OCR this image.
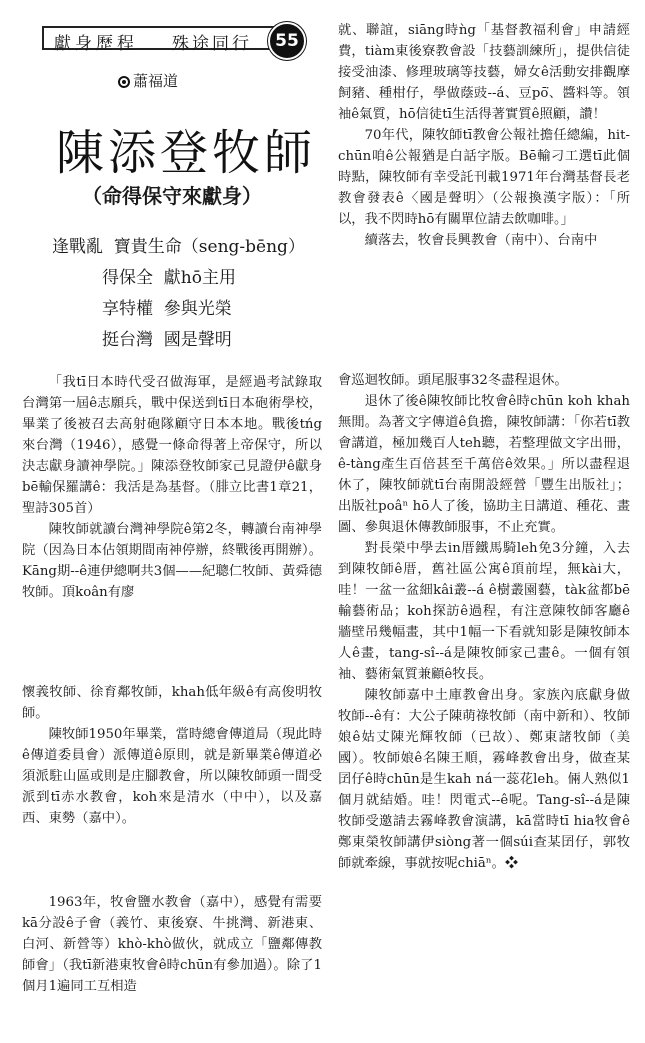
獻身歷程 殊途同行	55
蕭福道
陳添登牧師
（命得保守來獻身）
逢戰亂  寶貴生命（seng-bēng）
得保全  獻hō主用
享特權  參與光榮
挺台灣  國是聲明

「我tī日本時代受召做海軍，是經過考試錄取台灣第一屆ê志願兵，戰中保送到tī日本砲術學校，畢業了後被召去高射砲隊顧守日本本地。戰後tńg來台灣（1946），感覺一條命得著上帝保守，所以決志獻身讀神學院。」陳添登牧師家己見證伊ê獻身bē輸保羅講ê：我活是為基督。（腓立比書1章21，聖詩305首）

陳牧師就讀台灣神學院ê第2冬，轉讀台南神學院（因為日本佔領期間南神停辦，終戰後再開辦）。Kāng期--ê連伊總啊共3個——紀聰仁牧師、黃舜德牧師。頂koân有廖

懷義牧師、徐育鄰牧師，khah低年級ê有高俊明牧師。

陳牧師1950年畢業，當時總會傳道局（現此時ê傳道委員會）派傳道ê原則，就是新畢業ê傳道必須派駐山區或則是庄腳教會，所以陳牧師頭一間受派到tī赤水教會，koh來是清水（中中），以及嘉西、東勢（嘉中）。

1963年，牧會鹽水教會（嘉中），感覺有需要kā分設ê子會（義竹、東後寮、牛挑灣、新港東、白河、新營等）khò-khò做伙，就成立「鹽鄰傳教師會」（我tī新港東牧會ê時chūn有參加過）。除了1個月1遍同工互相造

就、聯誼，siāng時ǹg「基督教福利會」申請經費，tiàm東後寮教會設「技藝訓練所」，提供信徒接受油漆、修理玻璃等技藝，婦女ê活動安排觀摩飼豬、種柑仔，學做蔭豉--á、豆pō͘、醬料等。領袖ê氣質，hō信徒tī生活得著實質ê照顧，讚！

70年代，陳牧師tī教會公報社擔任總編，hit-chūn咱ê公報猶是白話字版。Bē輸刁工選tī此個時點，陳牧師有幸受託刊載1971年台灣基督長老教會發表ê〈國是聲明〉（公報換漢字版）：「所以，我不閃時hō有關單位請去飲咖啡。」

續落去，牧會長興教會（南中）、台南中

會巡迴牧師。頭尾服事32冬盡程退休。

退休了後ê陳牧師比牧會ê時chūn koh khah無閒。為著文字傳道ê負擔，陳牧師講：「你若tī教會講道，極加幾百人teh聽，若整理做文字出冊，ê-tàng產生百倍甚至千萬倍ê效果。」所以盡程退休了，陳牧師就tī台南開設經營「豐生出版社」；出版社poâⁿ hō人了後，協助主日講道、種花、畫圖、參與退休傳教師服事，不止充實。

對長榮中學去in厝鐵馬騎leh免3分鐘，入去到陳牧師ê厝，舊社區公寓ê頂前埕，無kài大，哇！一盆一盆細kâi叢--á ê樹叢園藝，tàk盆都bē輸藝術品；koh探訪ê過程，有注意陳牧師客廳ê牆壁吊幾幅畫，其中1幅一下看就知影是陳牧師本人ê畫，tang-sî--á是陳牧師家己畫ê。一個有領袖、藝術氣質兼顧ê牧長。

陳牧師嘉中土庫教會出身。家族內底獻身做牧師--ê有：大公子陳萌祿牧師（南中新和）、牧師娘ê姑丈陳光輝牧師（已故）、鄭東諸牧師（美國）。牧師娘ê名陳王順，霧峰教會出身，做查某囝仔ê時chūn是生kah ná一蕊花leh。倆人熟似1個月就結婚。哇！閃電式--ê呢。Tang-sî--á是陳牧師受邀請去霧峰教會演講，kā當時tī hia牧會ê鄭東榮牧師講伊siòng著一個súi查某囝仔，郭牧師就牽線，事就按呢chiāⁿ。❖
